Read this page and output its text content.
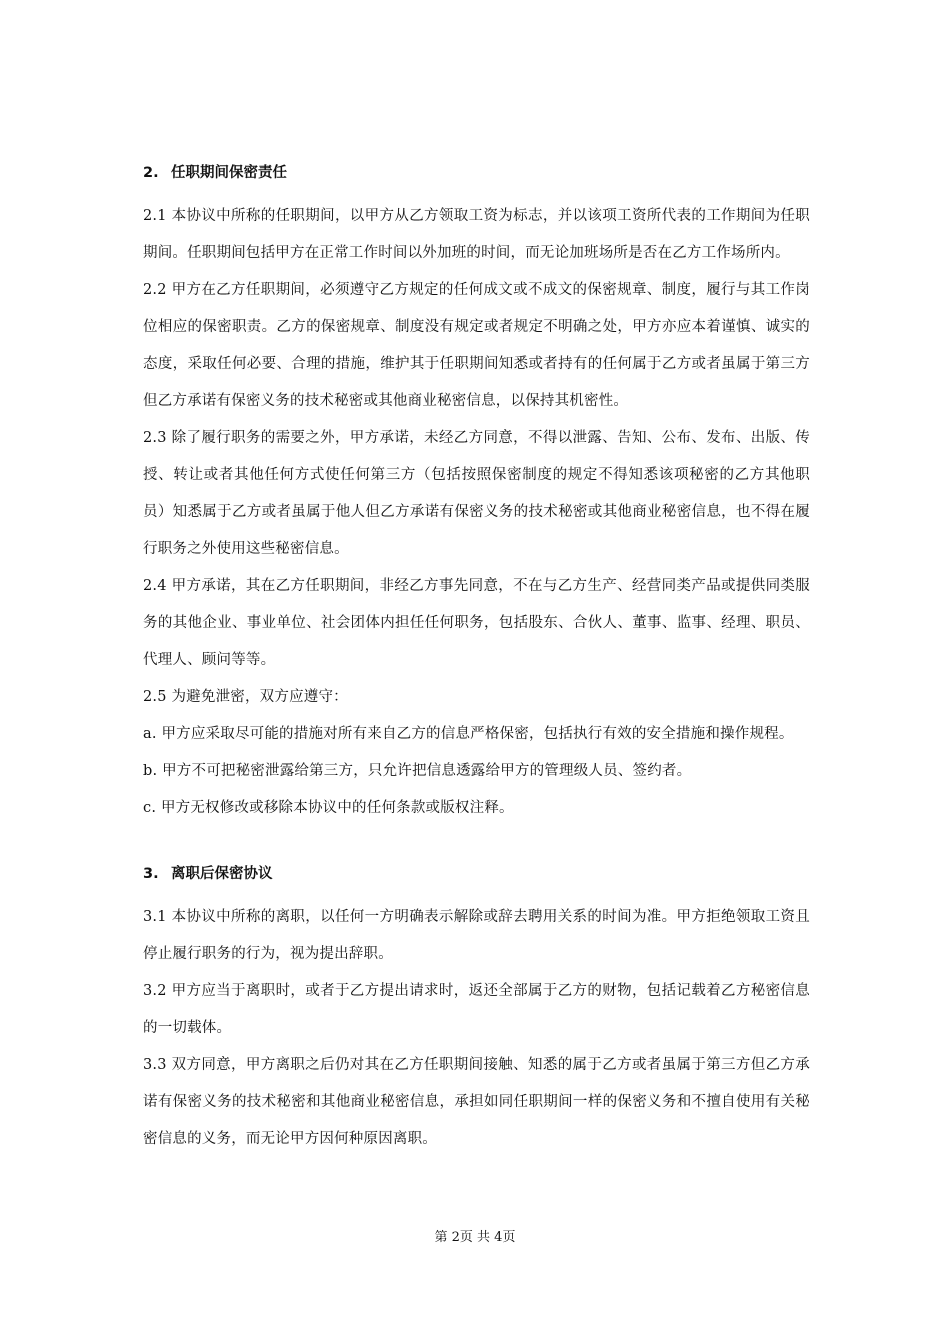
2. 任职期间保密责任

2.1 本协议中所称的任职期间，以甲方从乙方领取工资为标志，并以该项工资所代表的工作期间为任职期间。任职期间包括甲方在正常工作时间以外加班的时间，而无论加班场所是否在乙方工作场所内。

2.2 甲方在乙方任职期间，必须遵守乙方规定的任何成文或不成文的保密规章、制度，履行与其工作岗位相应的保密职责。乙方的保密规章、制度没有规定或者规定不明确之处，甲方亦应本着谨慎、诚实的态度，采取任何必要、合理的措施，维护其于任职期间知悉或者持有的任何属于乙方或者虽属于第三方但乙方承诺有保密义务的技术秘密或其他商业秘密信息，以保持其机密性。

2.3 除了履行职务的需要之外，甲方承诺，未经乙方同意，不得以泄露、告知、公布、发布、出版、传授、转让或者其他任何方式使任何第三方（包括按照保密制度的规定不得知悉该项秘密的乙方其他职员）知悉属于乙方或者虽属于他人但乙方承诺有保密义务的技术秘密或其他商业秘密信息，也不得在履行职务之外使用这些秘密信息。

2.4 甲方承诺，其在乙方任职期间，非经乙方事先同意，不在与乙方生产、经营同类产品或提供同类服务的其他企业、事业单位、社会团体内担任任何职务，包括股东、合伙人、董事、监事、经理、职员、代理人、顾问等等。

2.5 为避免泄密，双方应遵守：

a. 甲方应采取尽可能的措施对所有来自乙方的信息严格保密，包括执行有效的安全措施和操作规程。

b. 甲方不可把秘密泄露给第三方，只允许把信息透露给甲方的管理级人员、签约者。

c. 甲方无权修改或移除本协议中的任何条款或版权注释。

3. 离职后保密协议

3.1 本协议中所称的离职，以任何一方明确表示解除或辞去聘用关系的时间为准。甲方拒绝领取工资且停止履行职务的行为，视为提出辞职。

3.2 甲方应当于离职时，或者于乙方提出请求时，返还全部属于乙方的财物，包括记载着乙方秘密信息的一切载体。

3.3 双方同意，甲方离职之后仍对其在乙方任职期间接触、知悉的属于乙方或者虽属于第三方但乙方承诺有保密义务的技术秘密和其他商业秘密信息，承担如同任职期间一样的保密义务和不擅自使用有关秘密信息的义务，而无论甲方因何种原因离职。

第 2页 共 4页
